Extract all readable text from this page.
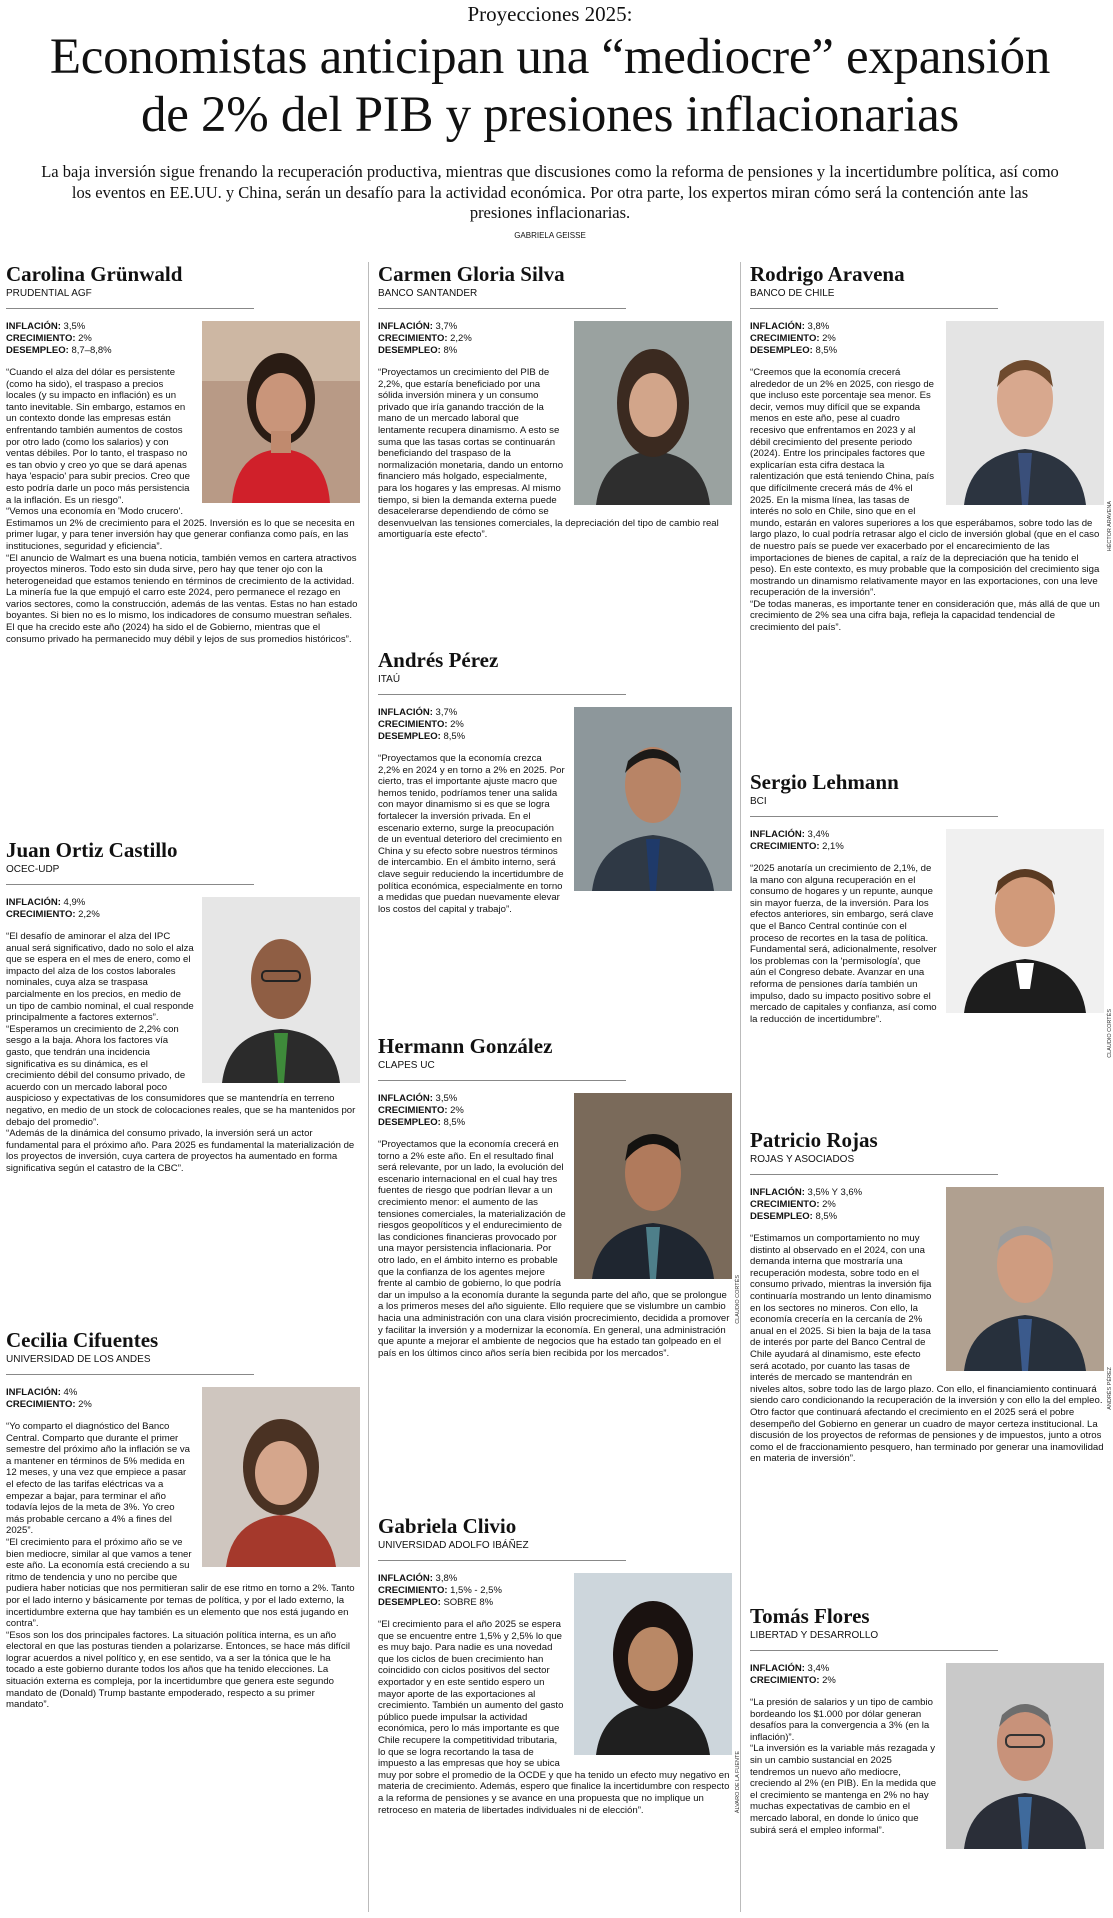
Proyecciones 2025:
Economistas anticipan una “mediocre” expansión
de 2% del PIB y presiones inflacionarias
La baja inversión sigue frenando la recuperación productiva, mientras que discusiones como la reforma de pensiones y la incertidumbre política, así como los eventos en EE.UU. y China, serán un desafío para la actividad económica. Por otra parte, los expertos miran cómo será la contención ante las presiones inflacionarias.
GABRIELA GEISSE
Carolina Grünwald
PRUDENTIAL AGF
INFLACIÓN: 3,5%
CRECIMIENTO: 2%
DESEMPLEO: 8,7–8,8%

“Cuando el alza del dólar es persistente (como ha sido), el traspaso a precios locales (y su impacto en inflación) es un tanto inevitable. Sin embargo, estamos en un contexto donde las empresas están enfrentando también aumentos de costos por otro lado (como los salarios) y con ventas débiles. Por lo tanto, el traspaso no es tan obvio y creo yo que se dará apenas haya 'espacio' para subir precios. Creo que esto podría darle un poco más persistencia a la inflación. Es un riesgo”.

“Vemos una economía en 'Modo crucero'. Estimamos un 2% de crecimiento para el 2025. Inversión es lo que se necesita en primer lugar, y para tener inversión hay que generar confianza como país, en las instituciones, seguridad y eficiencia”.

“El anuncio de Walmart es una buena noticia, también vemos en cartera atractivos proyectos mineros. Todo esto sin duda sirve, pero hay que tener ojo con la heterogeneidad que estamos teniendo en términos de crecimiento de la actividad. La minería fue la que empujó el carro este 2024, pero permanece el rezago en varios sectores, como la construcción, además de las ventas. Estas no han estado boyantes. Si bien no es lo mismo, los indicadores de consumo muestran señales. El que ha crecido este año (2024) ha sido el de Gobierno, mientras que el consumo privado ha permanecido muy débil y lejos de sus promedios históricos”.

Juan Ortiz Castillo
OCEC-UDP
INFLACIÓN: 4,9%
CRECIMIENTO: 2,2%

“El desafío de aminorar el alza del IPC anual será significativo, dado no solo el alza que se espera en el mes de enero, como el impacto del alza de los costos laborales nominales, cuya alza se traspasa parcialmente en los precios, en medio de un tipo de cambio nominal, el cual responde principalmente a factores externos”.

“Esperamos un crecimiento de 2,2% con sesgo a la baja. Ahora los factores vía gasto, que tendrán una incidencia significativa es su dinámica, es el crecimiento débil del consumo privado, de acuerdo con un mercado laboral poco auspicioso y expectativas de los consumidores que se mantendría en terreno negativo, en medio de un stock de colocaciones reales, que se ha mantenidos por debajo del promedio”.

“Además de la dinámica del consumo privado, la inversión será un actor fundamental para el próximo año. Para 2025 es fundamental la materialización de los proyectos de inversión, cuya cartera de proyectos ha aumentado en forma significativa según el catastro de la CBC”.

Cecilia Cifuentes
UNIVERSIDAD DE LOS ANDES
INFLACIÓN: 4%
CRECIMIENTO: 2%

“Yo comparto el diagnóstico del Banco Central. Comparto que durante el primer semestre del próximo año la inflación se va a mantener en términos de 5% medida en 12 meses, y una vez que empiece a pasar el efecto de las tarifas eléctricas va a empezar a bajar, para terminar el año todavía lejos de la meta de 3%. Yo creo más probable cercano a 4% a fines del 2025”.

“El crecimiento para el próximo año se ve bien mediocre, similar al que vamos a tener este año. La economía está creciendo a su ritmo de tendencia y uno no percibe que pudiera haber noticias que nos permitieran salir de ese ritmo en torno a 2%. Tanto por el lado interno y básicamente por temas de política, y por el lado externo, la incertidumbre externa que hay también es un elemento que nos está jugando en contra”.

“Esos son los dos principales factores. La situación política interna, es un año electoral en que las posturas tienden a polarizarse. Entonces, se hace más difícil lograr acuerdos a nivel político y, en ese sentido, va a ser la tónica que le ha tocado a este gobierno durante todos los años que ha tenido elecciones. La situación externa es compleja, por la incertidumbre que genera este segundo mandato de (Donald) Trump bastante empoderado, respecto a su primer mandato”.

Carmen Gloria Silva
BANCO SANTANDER
INFLACIÓN: 3,7%
CRECIMIENTO: 2,2%
DESEMPLEO: 8%

“Proyectamos un crecimiento del PIB de 2,2%, que estaría beneficiado por una sólida inversión minera y un consumo privado que iría ganando tracción de la mano de un mercado laboral que lentamente recupera dinamismo. A esto se suma que las tasas cortas se continuarán beneficiando del traspaso de la normalización monetaria, dando un entorno financiero más holgado, especialmente, para los hogares y las empresas. Al mismo tiempo, si bien la demanda externa puede desacelerarse dependiendo de cómo se desenvuelvan las tensiones comerciales, la depreciación del tipo de cambio real amortiguaría este efecto”.

Andrés Pérez
ITAÚ
INFLACIÓN: 3,7%
CRECIMIENTO: 2%
DESEMPLEO: 8,5%

“Proyectamos que la economía crezca 2,2% en 2024 y en torno a 2% en 2025. Por cierto, tras el importante ajuste macro que hemos tenido, podríamos tener una salida con mayor dinamismo si es que se logra fortalecer la inversión privada. En el escenario externo, surge la preocupación de un eventual deterioro del crecimiento en China y su efecto sobre nuestros términos de intercambio. En el ámbito interno, será clave seguir reduciendo la incertidumbre de política económica, especialmente en torno a medidas que puedan nuevamente elevar los costos del capital y trabajo”.

Hermann González
CLAPES UC
CLAUDIO CORTÉS
INFLACIÓN: 3,5%
CRECIMIENTO: 2%
DESEMPLEO: 8,5%

“Proyectamos que la economía crecerá en torno a 2% este año. En el resultado final será relevante, por un lado, la evolución del escenario internacional en el cual hay tres fuentes de riesgo que podrían llevar a un crecimiento menor: el aumento de las tensiones comerciales, la materialización de riesgos geopolíticos y el endurecimiento de las condiciones financieras provocado por una mayor persistencia inflacionaria. Por otro lado, en el ámbito interno es probable que la confianza de los agentes mejore frente al cambio de gobierno, lo que podría dar un impulso a la economía durante la segunda parte del año, que se prolongue a los primeros meses del año siguiente. Ello requiere que se vislumbre un cambio hacia una administración con una clara visión procrecimiento, decidida a promover y facilitar la inversión y a modernizar la economía. En general, una administración que apunte a mejorar el ambiente de negocios que ha estado tan golpeado en el país en los últimos cinco años sería bien recibida por los mercados”.

Gabriela Clivio
UNIVERSIDAD ADOLFO IBÁÑEZ
ÁLVARO DE LA FUENTE
INFLACIÓN: 3,8%
CRECIMIENTO: 1,5% - 2,5%
DESEMPLEO: SOBRE 8%

“El crecimiento para el año 2025 se espera que se encuentre entre 1,5% y 2,5% lo que es muy bajo. Para nadie es una novedad que los ciclos de buen crecimiento han coincidido con ciclos positivos del sector exportador y en este sentido espero un mayor aporte de las exportaciones al crecimiento. También un aumento del gasto público puede impulsar la actividad económica, pero lo más importante es que Chile recupere la competitividad tributaria, lo que se logra recortando la tasa de impuesto a las empresas que hoy se ubica muy por sobre el promedio de la OCDE y que ha tenido un efecto muy negativo en materia de crecimiento. Además, espero que finalice la incertidumbre con respecto a la reforma de pensiones y se avance en una propuesta que no implique un retroceso en materia de libertades individuales ni de elección”.

Rodrigo Aravena
BANCO DE CHILE
HÉCTOR ARAVENA
INFLACIÓN: 3,8%
CRECIMIENTO: 2%
DESEMPLEO: 8,5%

“Creemos que la economía crecerá alrededor de un 2% en 2025, con riesgo de que incluso este porcentaje sea menor. Es decir, vemos muy difícil que se expanda menos en este año, pese al cuadro recesivo que enfrentamos en 2023 y al débil crecimiento del presente periodo (2024). Entre los principales factores que explicarían esta cifra destaca la ralentización que está teniendo China, país que difícilmente crecerá más de 4% el 2025. En la misma línea, las tasas de interés no solo en Chile, sino que en el mundo, estarán en valores superiores a los que esperábamos, sobre todo las de largo plazo, lo cual podría retrasar algo el ciclo de inversión global (que en el caso de nuestro país se puede ver exacerbado por el encarecimiento de las importaciones de bienes de capital, a raíz de la depreciación que ha tenido el peso). En este contexto, es muy probable que la composición del crecimiento siga mostrando un dinamismo relativamente mayor en las exportaciones, con una leve recuperación de la inversión”.

“De todas maneras, es importante tener en consideración que, más allá de que un crecimiento de 2% sea una cifra baja, refleja la capacidad tendencial de crecimiento del país”.

Sergio Lehmann
BCI
CLAUDIO CORTÉS
INFLACIÓN: 3,4%
CRECIMIENTO: 2,1%

“2025 anotaría un crecimiento de 2,1%, de la mano con alguna recuperación en el consumo de hogares y un repunte, aunque sin mayor fuerza, de la inversión. Para los efectos anteriores, sin embargo, será clave que el Banco Central continúe con el proceso de recortes en la tasa de política. Fundamental será, adicionalmente, resolver los problemas con la 'permisología', que aún el Congreso debate. Avanzar en una reforma de pensiones daría también un impulso, dado su impacto positivo sobre el mercado de capitales y confianza, así como la reducción de incertidumbre”.

Patricio Rojas
ROJAS Y ASOCIADOS
ANDRÉS PÉREZ
INFLACIÓN: 3,5% Y 3,6%
CRECIMIENTO: 2%
DESEMPLEO: 8,5%

“Estimamos un comportamiento no muy distinto al observado en el 2024, con una demanda interna que mostraría una recuperación modesta, sobre todo en el consumo privado, mientras la inversión fija continuaría mostrando un lento dinamismo en los sectores no mineros. Con ello, la economía crecería en la cercanía de 2% anual en el 2025. Si bien la baja de la tasa de interés por parte del Banco Central de Chile ayudará al dinamismo, este efecto será acotado, por cuanto las tasas de interés de mercado se mantendrán en niveles altos, sobre todo las de largo plazo. Con ello, el financiamiento continuará siendo caro condicionando la recuperación de la inversión y con ello la del empleo. Otro factor que continuará afectando el crecimiento en el 2025 será el pobre desempeño del Gobierno en generar un cuadro de mayor certeza institucional. La discusión de los proyectos de reformas de pensiones y de impuestos, junto a otros como el de fraccionamiento pesquero, han terminado por generar una inamovilidad en materia de inversión”.

Tomás Flores
LIBERTAD Y DESARROLLO
INFLACIÓN: 3,4%
CRECIMIENTO: 2%

“La presión de salarios y un tipo de cambio bordeando los $1.000 por dólar generan desafíos para la convergencia a 3% (en la inflación)”.

“La inversión es la variable más rezagada y sin un cambio sustancial en 2025 tendremos un nuevo año mediocre, creciendo al 2% (en PIB). En la medida que el crecimiento se mantenga en 2% no hay muchas expectativas de cambio en el mercado laboral, en donde lo único que subirá será el empleo informal”.
